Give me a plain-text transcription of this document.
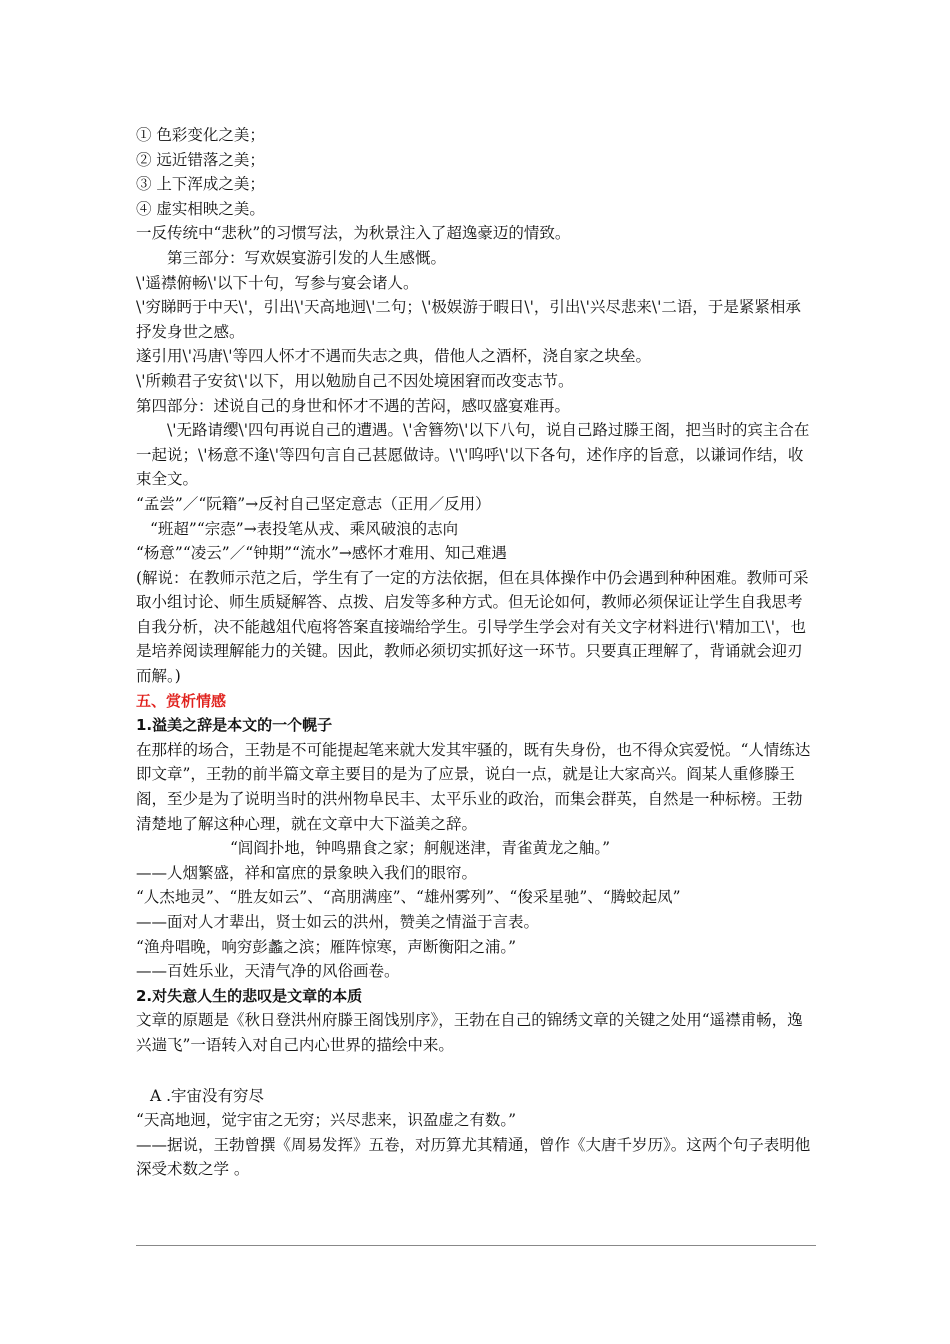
① 色彩变化之美；

② 远近错落之美；

③ 上下浑成之美；

④ 虚实相映之美。

一反传统中“悲秋”的习惯写法，为秋景注入了超逸豪迈的情致。

第三部分：写欢娱宴游引发的人生感慨。

\'遥襟俯畅\'以下十句，写参与宴会诸人。

\'穷睇眄于中天\'，引出\'天高地迥\'二句；\'极娱游于暇日\'，引出\'兴尽悲来\'二语，于是紧紧相承抒发身世之感。

遂引用\'冯唐\'等四人怀才不遇而失志之典，借他人之酒杯，浇自家之块垒。

\'所赖君子安贫\'以下，用以勉励自己不因处境困窘而改变志节。

第四部分：述说自己的身世和怀才不遇的苦闷，感叹盛宴难再。

\'无路请缨\'四句再说自己的遭遇。\'舍簪笏\'以下八句，说自己路过滕王阁，把当时的宾主合在一起说；\'杨意不逢\'等四句言自己甚愿做诗。\'\'呜呼\'以下各句，述作序的旨意，以谦词作结，收束全文。

“孟尝”／“阮籍”→反衬自己坚定意志（正用／反用）

“班超”“宗悫”→表投笔从戎、乘风破浪的志向

“杨意”“凌云”／“钟期”“流水”→感怀才难用、知己难遇

(解说：在教师示范之后，学生有了一定的方法依据，但在具体操作中仍会遇到种种困难。教师可采取小组讨论、师生质疑解答、点拨、启发等多种方式。但无论如何，教师必须保证让学生自我思考自我分析，决不能越俎代庖将答案直接端给学生。引导学生学会对有关文字材料进行\'精加工\'，也是培养阅读理解能力的关键。因此，教师必须切实抓好这一环节。只要真正理解了，背诵就会迎刃而解。)

五、赏析情感

1.溢美之辞是本文的一个幌子

在那样的场合，王勃是不可能提起笔来就大发其牢骚的，既有失身份，也不得众宾爱悦。“人情练达即文章”，王勃的前半篇文章主要目的是为了应景，说白一点，就是让大家高兴。阎某人重修滕王阁，至少是为了说明当时的洪州物阜民丰、太平乐业的政治，而集会群英，自然是一种标榜。王勃清楚地了解这种心理，就在文章中大下溢美之辞。

“闾阎扑地，钟鸣鼎食之家；舸舰迷津，青雀黄龙之舳。”

——人烟繁盛，祥和富庶的景象映入我们的眼帘。

“人杰地灵”、“胜友如云”、“高朋满座”、“雄州雾列”、“俊采星驰”、“腾蛟起凤”

——面对人才辈出，贤士如云的洪州，赞美之情溢于言表。

“渔舟唱晚，响穷彭蠡之滨；雁阵惊寒，声断衡阳之浦。”

——百姓乐业，天清气净的风俗画卷。

2.对失意人生的悲叹是文章的本质

文章的原题是《秋日登洪州府滕王阁饯别序》，王勃在自己的锦绣文章的关键之处用“遥襟甫畅，逸兴遄飞”一语转入对自己内心世界的描绘中来。

A .宇宙没有穷尽

“天高地迥，觉宇宙之无穷；兴尽悲来，识盈虚之有数。”

——据说，王勃曾撰《周易发挥》五卷，对历算尤其精通，曾作《大唐千岁历》。这两个句子表明他深受术数之学 。
